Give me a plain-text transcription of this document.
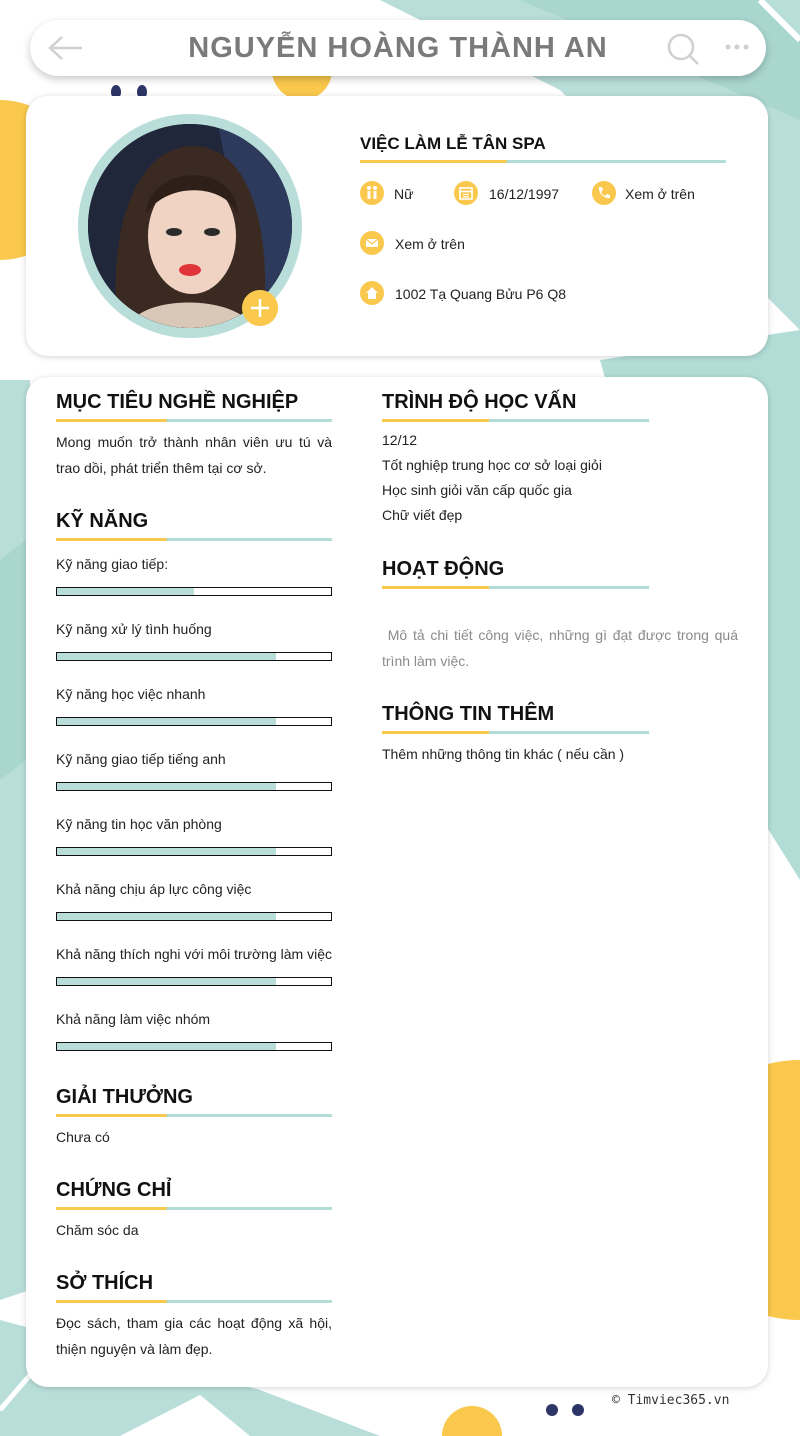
NGUYỄN HOÀNG THÀNH AN
VIỆC LÀM LỄ TÂN SPA
Nữ	16/12/1997	Xem ở trên
Xem ở trên
1002 Tạ Quang Bửu P6 Q8
MỤC TIÊU NGHỀ NGHIỆP
Mong muốn trở thành nhân viên ưu tú và trao dồi, phát triển thêm tại cơ sở.
KỸ NĂNG
Kỹ năng giao tiếp:
Kỹ năng xử lý tình huống
Kỹ năng học việc nhanh
Kỹ năng giao tiếp tiếng anh
Kỹ năng tin học văn phòng
Khả năng chịu áp lực công việc
Khả năng thích nghi với môi trường làm việc
Khả năng làm việc nhóm
GIẢI THƯỞNG
Chưa có
CHỨNG CHỈ
Chăm sóc da
SỞ THÍCH
Đọc sách, tham gia các hoạt động xã hội, thiện nguyện và làm đẹp.
TRÌNH ĐỘ HỌC VẤN
12/12
Tốt nghiệp trung học cơ sở loại giỏi
Học sinh giỏi văn cấp quốc gia
Chữ viết đẹp
HOẠT ĐỘNG
Mô tả chi tiết công việc, những gì đạt được trong quá trình làm việc.
THÔNG TIN THÊM
Thêm những thông tin khác ( nếu cần )
© Timviec365.vn
